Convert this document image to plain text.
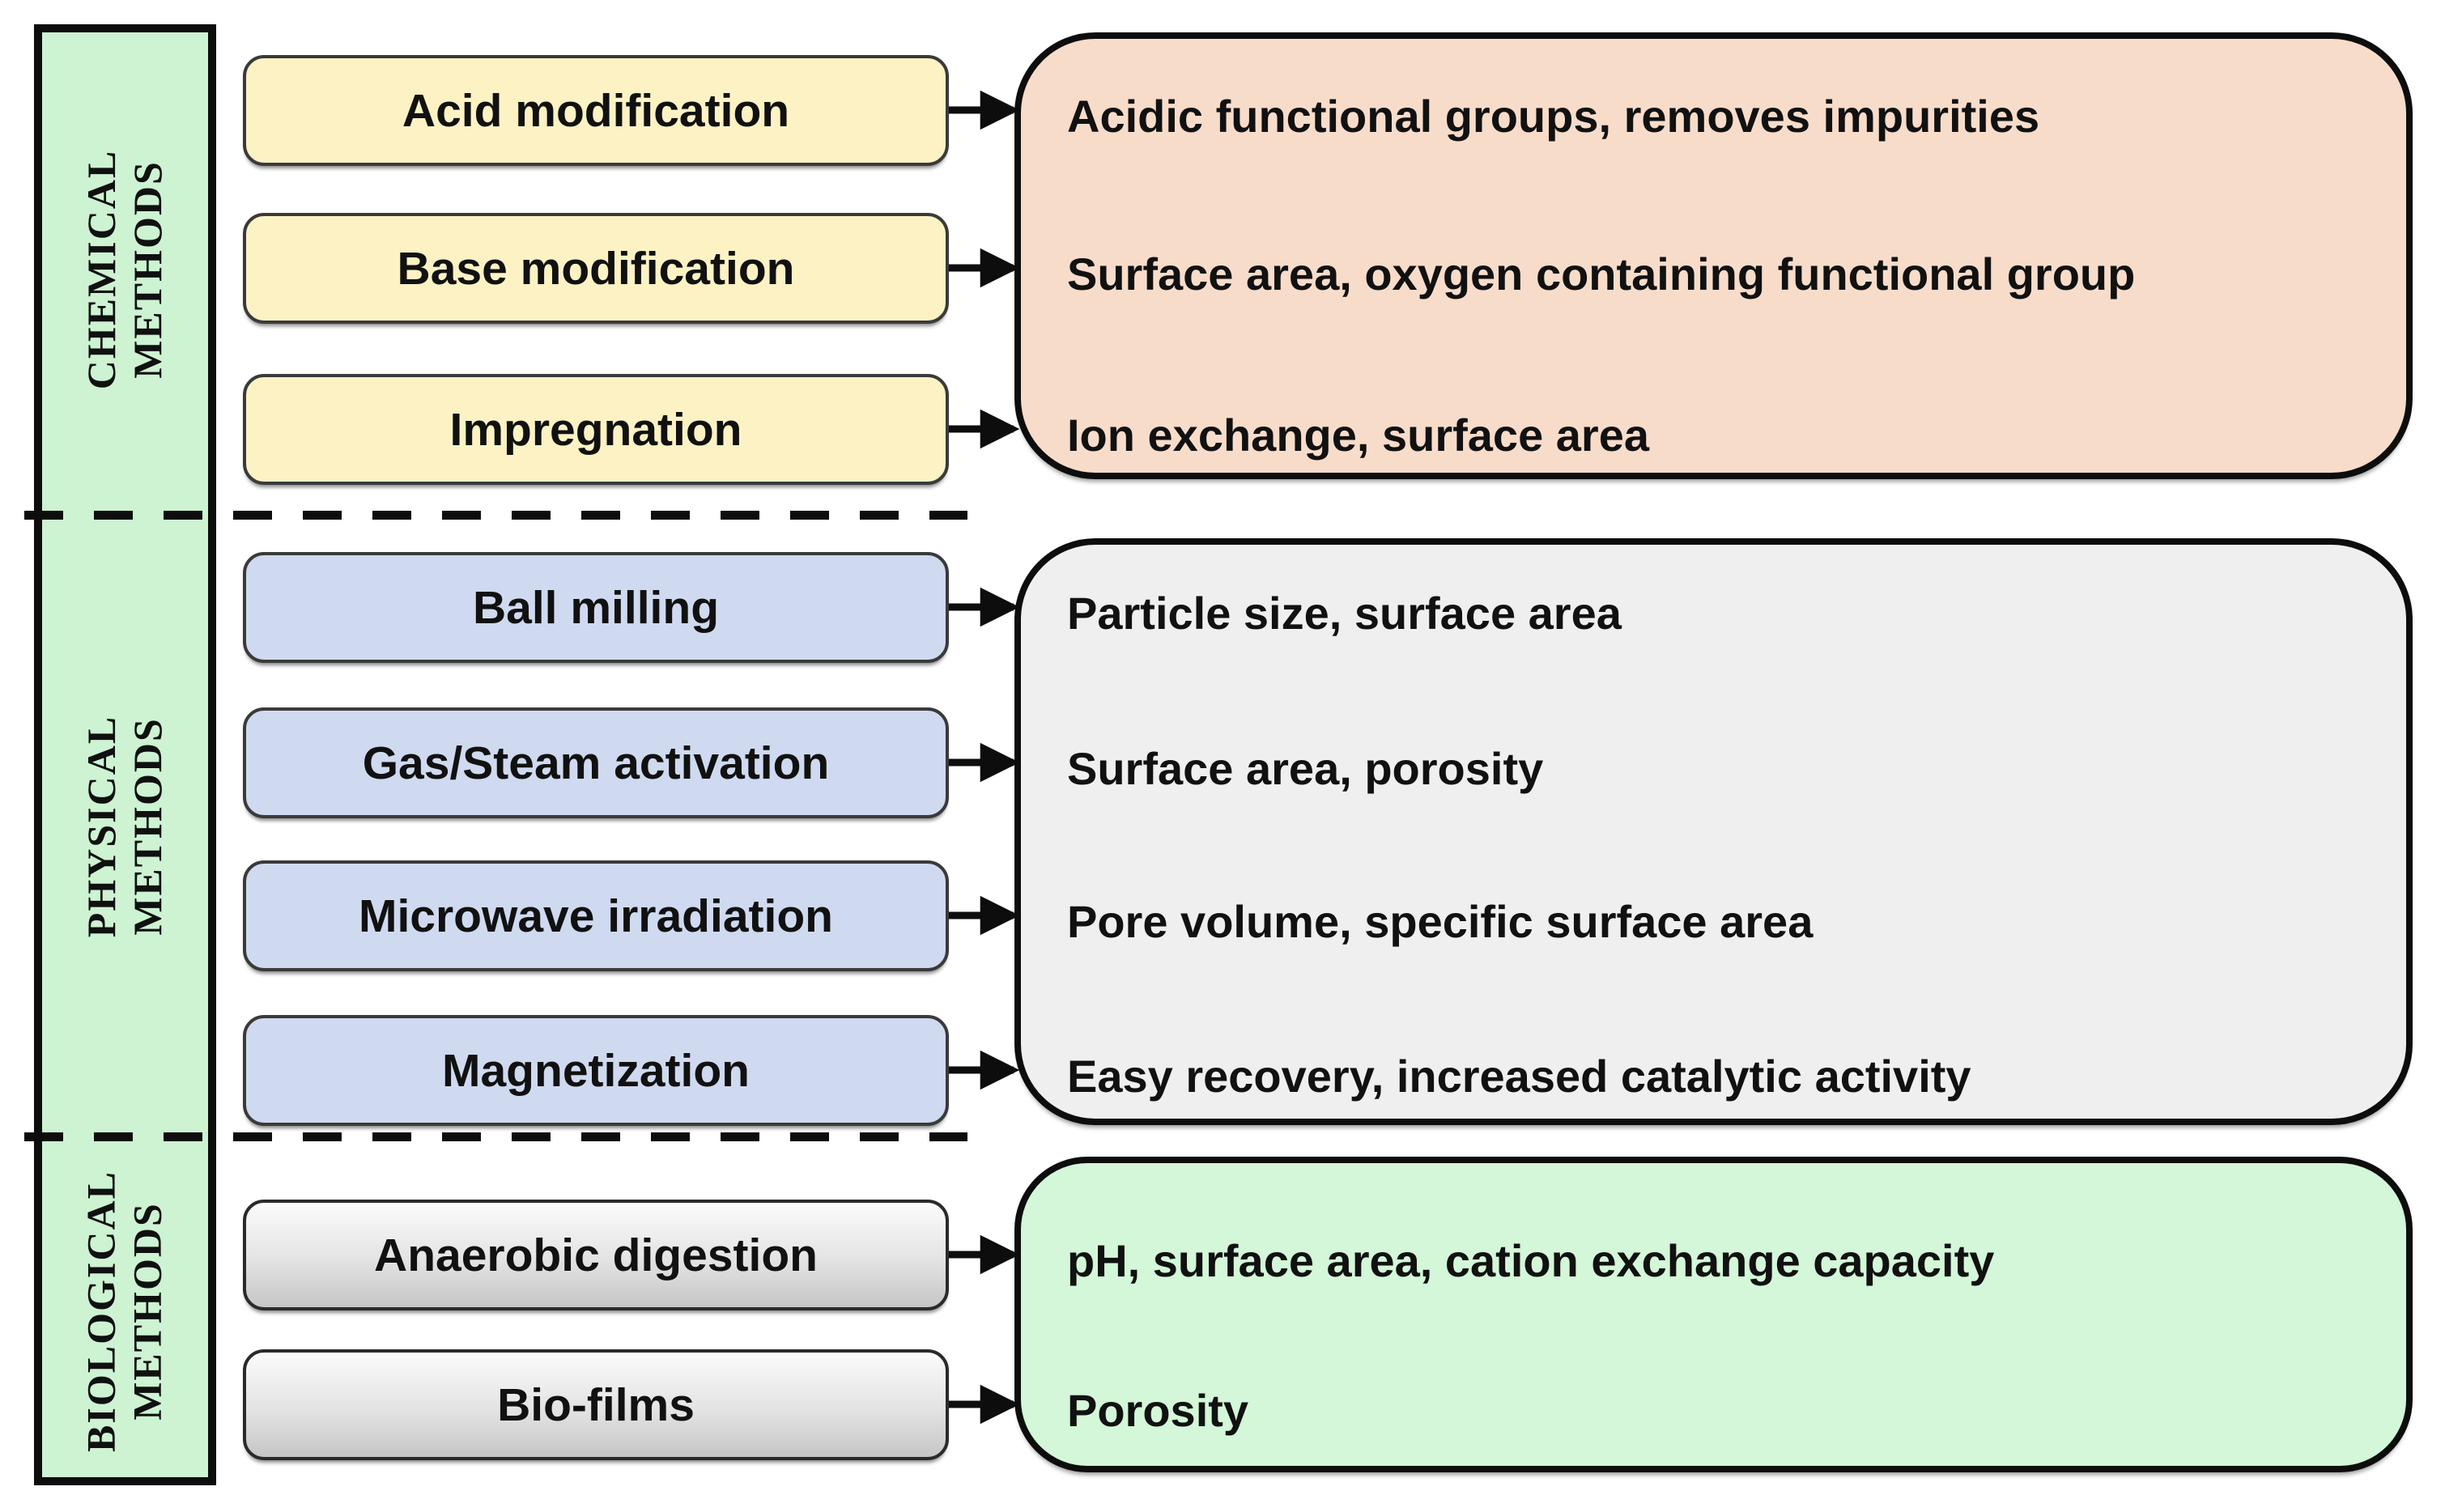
CHEMICAL METHODS
PHYSICAL METHODS
BIOLOGICAL METHODS
Acid modification
Base modification
Impregnation
Ball milling
Gas/Steam activation
Microwave irradiation
Magnetization
Anaerobic digestion
Bio-films
Acidic functional groups, removes impurities
Surface area, oxygen containing functional group
Ion exchange, surface area
Particle size, surface area
Surface area, porosity
Pore volume, specific surface area
Easy recovery, increased catalytic activity
pH, surface area, cation exchange capacity
Porosity
